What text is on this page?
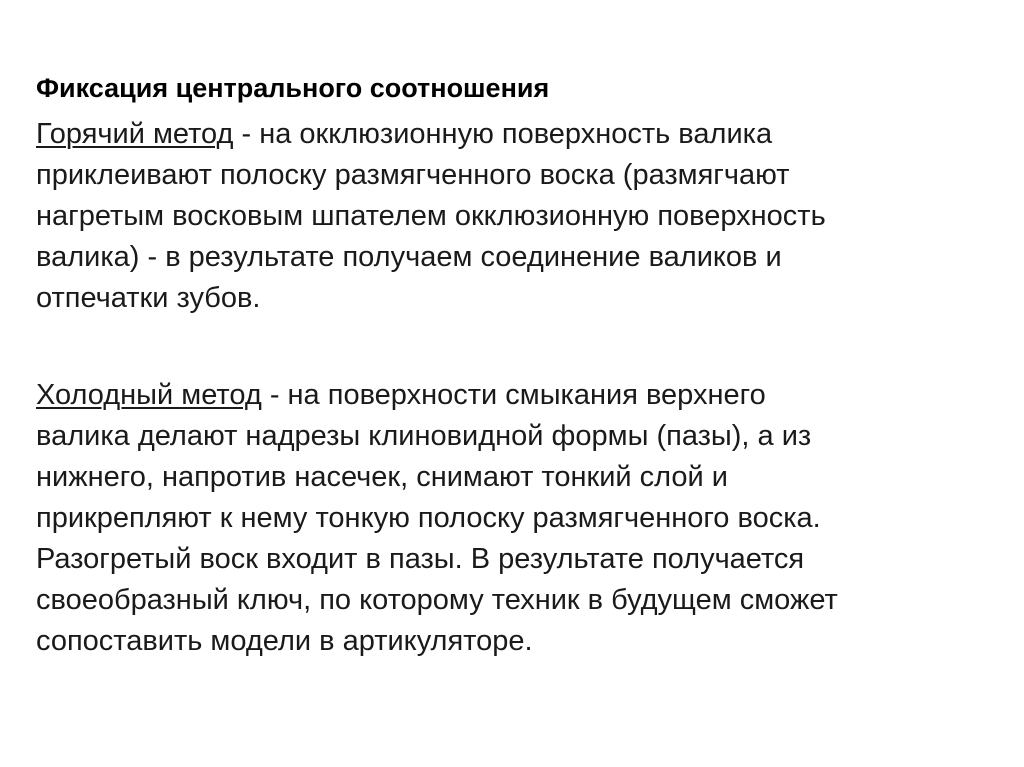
Фиксация центрального соотношения

Горячий метод - на окклюзионную поверхность валика
приклеивают полоску размягченного воска (размягчают
нагретым восковым шпателем окклюзионную поверхность
валика) - в результате получаем соединение валиков и
отпечатки зубов.

Холодный метод - на поверхности смыкания верхнего
валика делают надрезы клиновидной формы (пазы), а из
нижнего, напротив насечек, снимают тонкий слой и
прикрепляют к нему тонкую полоску размягченного воска.
Разогретый воск входит в пазы. В результате получается
своеобразный ключ, по которому техник в будущем сможет
сопоставить модели в артикуляторе.
